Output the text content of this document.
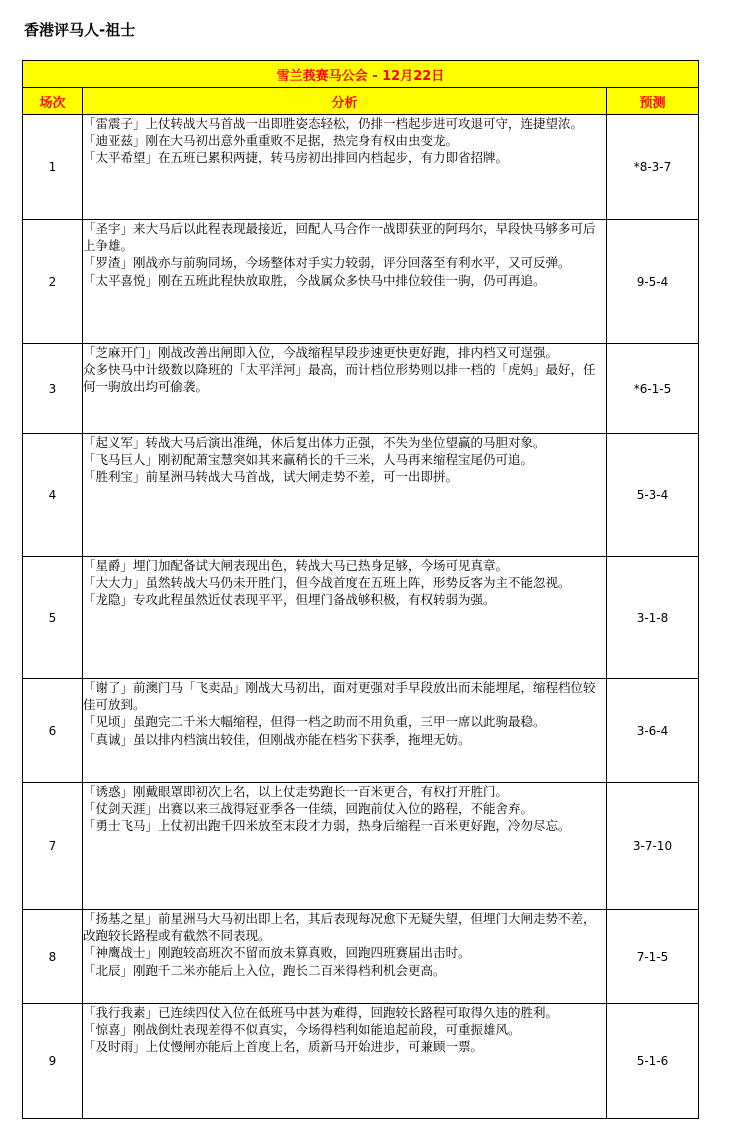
香港评马人-祖士
雪兰莪赛马公会 - 12月22日		
场次	分析	预测
1	「雷震子」上仗转战大马首战一出即胜姿态轻松，仍排一档起步进可攻退可守，连捷望浓。
「迪亚兹」刚在大马初出意外重重败不足据，热完身有权由虫变龙。
「太平希望」在五班已累积两捷，转马房初出排回内档起步，有力即省招牌。	*8-3-7
2	「圣宇」来大马后以此程表现最接近，回配人马合作一战即获亚的阿玛尔，早段快马够多可后上争雄。
「罗渣」刚战亦与前驹同场，今场整体对手实力较弱，评分回落至有利水平，又可反弹。
「太平喜悦」刚在五班此程快放取胜，今战属众多快马中排位较佳一驹，仍可再追。	9-5-4
3	「芝麻开门」刚战改善出闸即入位，今战缩程早段步速更快更好跑，排内档又可逞强。
众多快马中计级数以降班的「太平洋河」最高，而计档位形势则以排一档的「虎妈」最好，任何一驹放出均可偷袭。	*6-1-5
4	「起义军」转战大马后演出准绳，休后复出体力正强，不失为坐位望赢的马胆对象。
「飞马巨人」刚初配萧宝慧突如其来赢稍长的千三米，人马再来缩程宝尾仍可追。
「胜利宝」前星洲马转战大马首战，试大闸走势不差，可一出即拼。	5-3-4
5	「星爵」埋门加配备试大闸表现出色，转战大马已热身足够，今场可见真章。
「大大力」虽然转战大马仍未开胜门，但今战首度在五班上阵，形势反客为主不能忽视。
「龙隐」专攻此程虽然近仗表现平平，但埋门备战够积极，有权转弱为强。	3-1-8
6	「谢了」前澳门马「飞卖品」刚战大马初出，面对更强对手早段放出而未能埋尾，缩程档位较佳可放到。
「见顷」虽跑完二千米大幅缩程，但得一档之助而不用负重，三甲一席以此驹最稳。
「真诚」虽以排内档演出较佳，但刚战亦能在档劣下获季，拖埋无妨。	3-6-4
7	「诱惑」刚戴眼罩即初次上名，以上仗走势跑长一百米更合，有权打开胜门。
「仗剑天涯」出赛以来三战得冠亚季各一佳绩，回跑前仗入位的路程，不能舍弃。
「勇士飞马」上仗初出跑千四米放至末段才力弱，热身后缩程一百米更好跑，冷勿尽忘。	3-7-10
8	「扬基之星」前星洲马大马初出即上名，其后表现每况愈下无疑失望，但埋门大闸走势不差，改跑较长路程或有截然不同表现。
「神鹰战士」刚跑较高班次不留而放未算真败，回跑四班赛届出击时。
「北辰」刚跑千二米亦能后上入位，跑长二百米得档利机会更高。	7-1-5
9	「我行我素」已连续四仗入位在低班马中甚为难得，回跑较长路程可取得久违的胜利。
「惊喜」刚战倒灶表现差得不似真实，今场得档利如能追起前段，可重振雄风。
「及时雨」上仗慢闸亦能后上首度上名，质新马开始进步，可兼顾一票。	5-1-6
